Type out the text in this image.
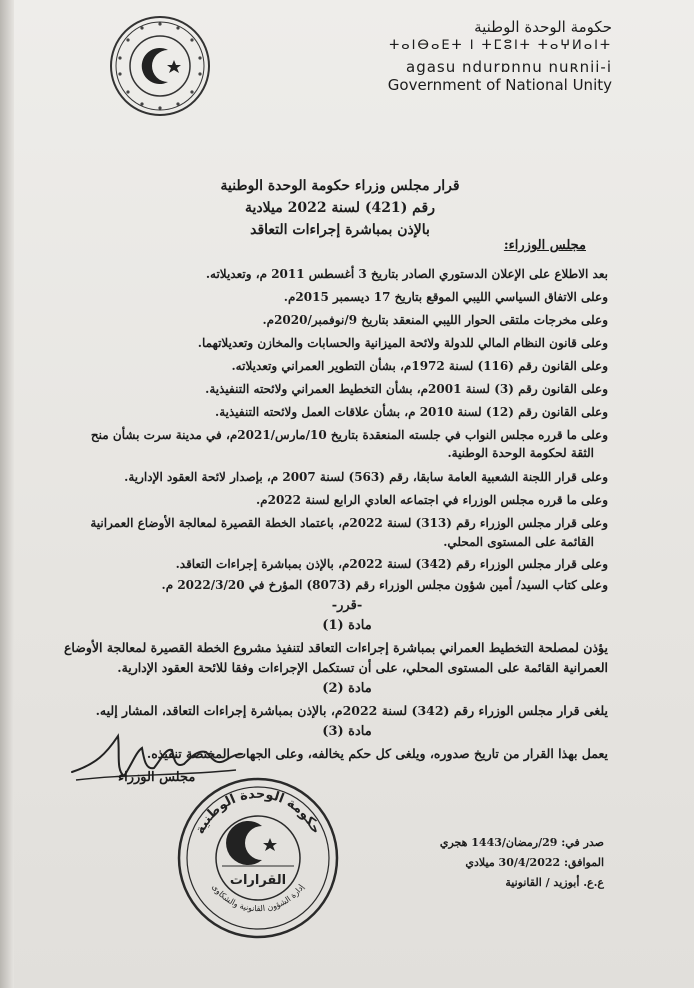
حكومة الوحدة الوطنية
ⵜⴰⵏⴱⴰⴹⵜ ⵏ ⵜⵎⵓⵏⵜ ⵜⴰⵖⵍⴰⵏⵜ
agasu ndurɒnnu nuʀnii-i
Government of National Unity
قرار مجلس وزراء حكومة الوحدة الوطنية
رقم (421) لسنة 2022 ميلادية
بالإذن بمباشرة إجراءات التعاقد
مجلس الوزراء:
بعد الاطلاع على الإعلان الدستوري الصادر بتاريخ 3 أغسطس 2011 م، وتعديلاته.
وعلى الاتفاق السياسي الليبي الموقع بتاريخ 17 ديسمبر 2015م.
وعلى مخرجات ملتقى الحوار الليبي المنعقد بتاريخ 9/نوفمبر/2020م.
وعلى قانون النظام المالي للدولة ولائحة الميزانية والحسابات والمخازن وتعديلاتهما.
وعلى القانون رقم (116) لسنة 1972م، بشأن التطوير العمراني وتعديلاته.
وعلى القانون رقم (3) لسنة 2001م، بشأن التخطيط العمراني ولائحته التنفيذية.
وعلى القانون رقم (12) لسنة 2010 م، بشأن علاقات العمل ولائحته التنفيذية.
وعلى ما قرره مجلس النواب في جلسته المنعقدة بتاريخ 10/مارس/2021م، في مدينة سرت بشأن منح
الثقة لحكومة الوحدة الوطنية.
وعلى قرار اللجنة الشعبية العامة سابقا، رقم (563) لسنة 2007 م، بإصدار لائحة العقود الإدارية.
وعلى ما قرره مجلس الوزراء في اجتماعه العادي الرابع لسنة 2022م.
وعلى قرار مجلس الوزراء رقم (313) لسنة 2022م، باعتماد الخطة القصيرة لمعالجة الأوضاع العمرانية
القائمة على المستوى المحلي.
وعلى قرار مجلس الوزراء رقم (342) لسنة 2022م، بالإذن بمباشرة إجراءات التعاقد.
وعلى كتاب السيد/ أمين شؤون مجلس الوزراء رقم (8073) المؤرخ في 2022/3/20 م.
-قرر-
مادة (1)
يؤذن لمصلحة التخطيط العمراني بمباشرة إجراءات التعاقد لتنفيذ مشروع الخطة القصيرة لمعالجة الأوضاع
العمرانية القائمة على المستوى المحلي، على أن تستكمل الإجراءات وفقا للائحة العقود الإدارية.
مادة (2)
يلغى قرار مجلس الوزراء رقم (342) لسنة 2022م، بالإذن بمباشرة إجراءات التعاقد، المشار إليه.
مادة (3)
يعمل بهذا القرار من تاريخ صدوره، ويلغى كل حكم يخالفه، وعلى الجهات المختصة تنفيذه.
مجلس الوزراء
حكومة الوحدة الوطنية
إدارة الشؤون القانونية والشكاوى
القرارات
صدر في: 29/رمضان/1443 هجري
الموافق: 30/4/2022 ميلادي
ع.ع. أبوزيد / القانونية
